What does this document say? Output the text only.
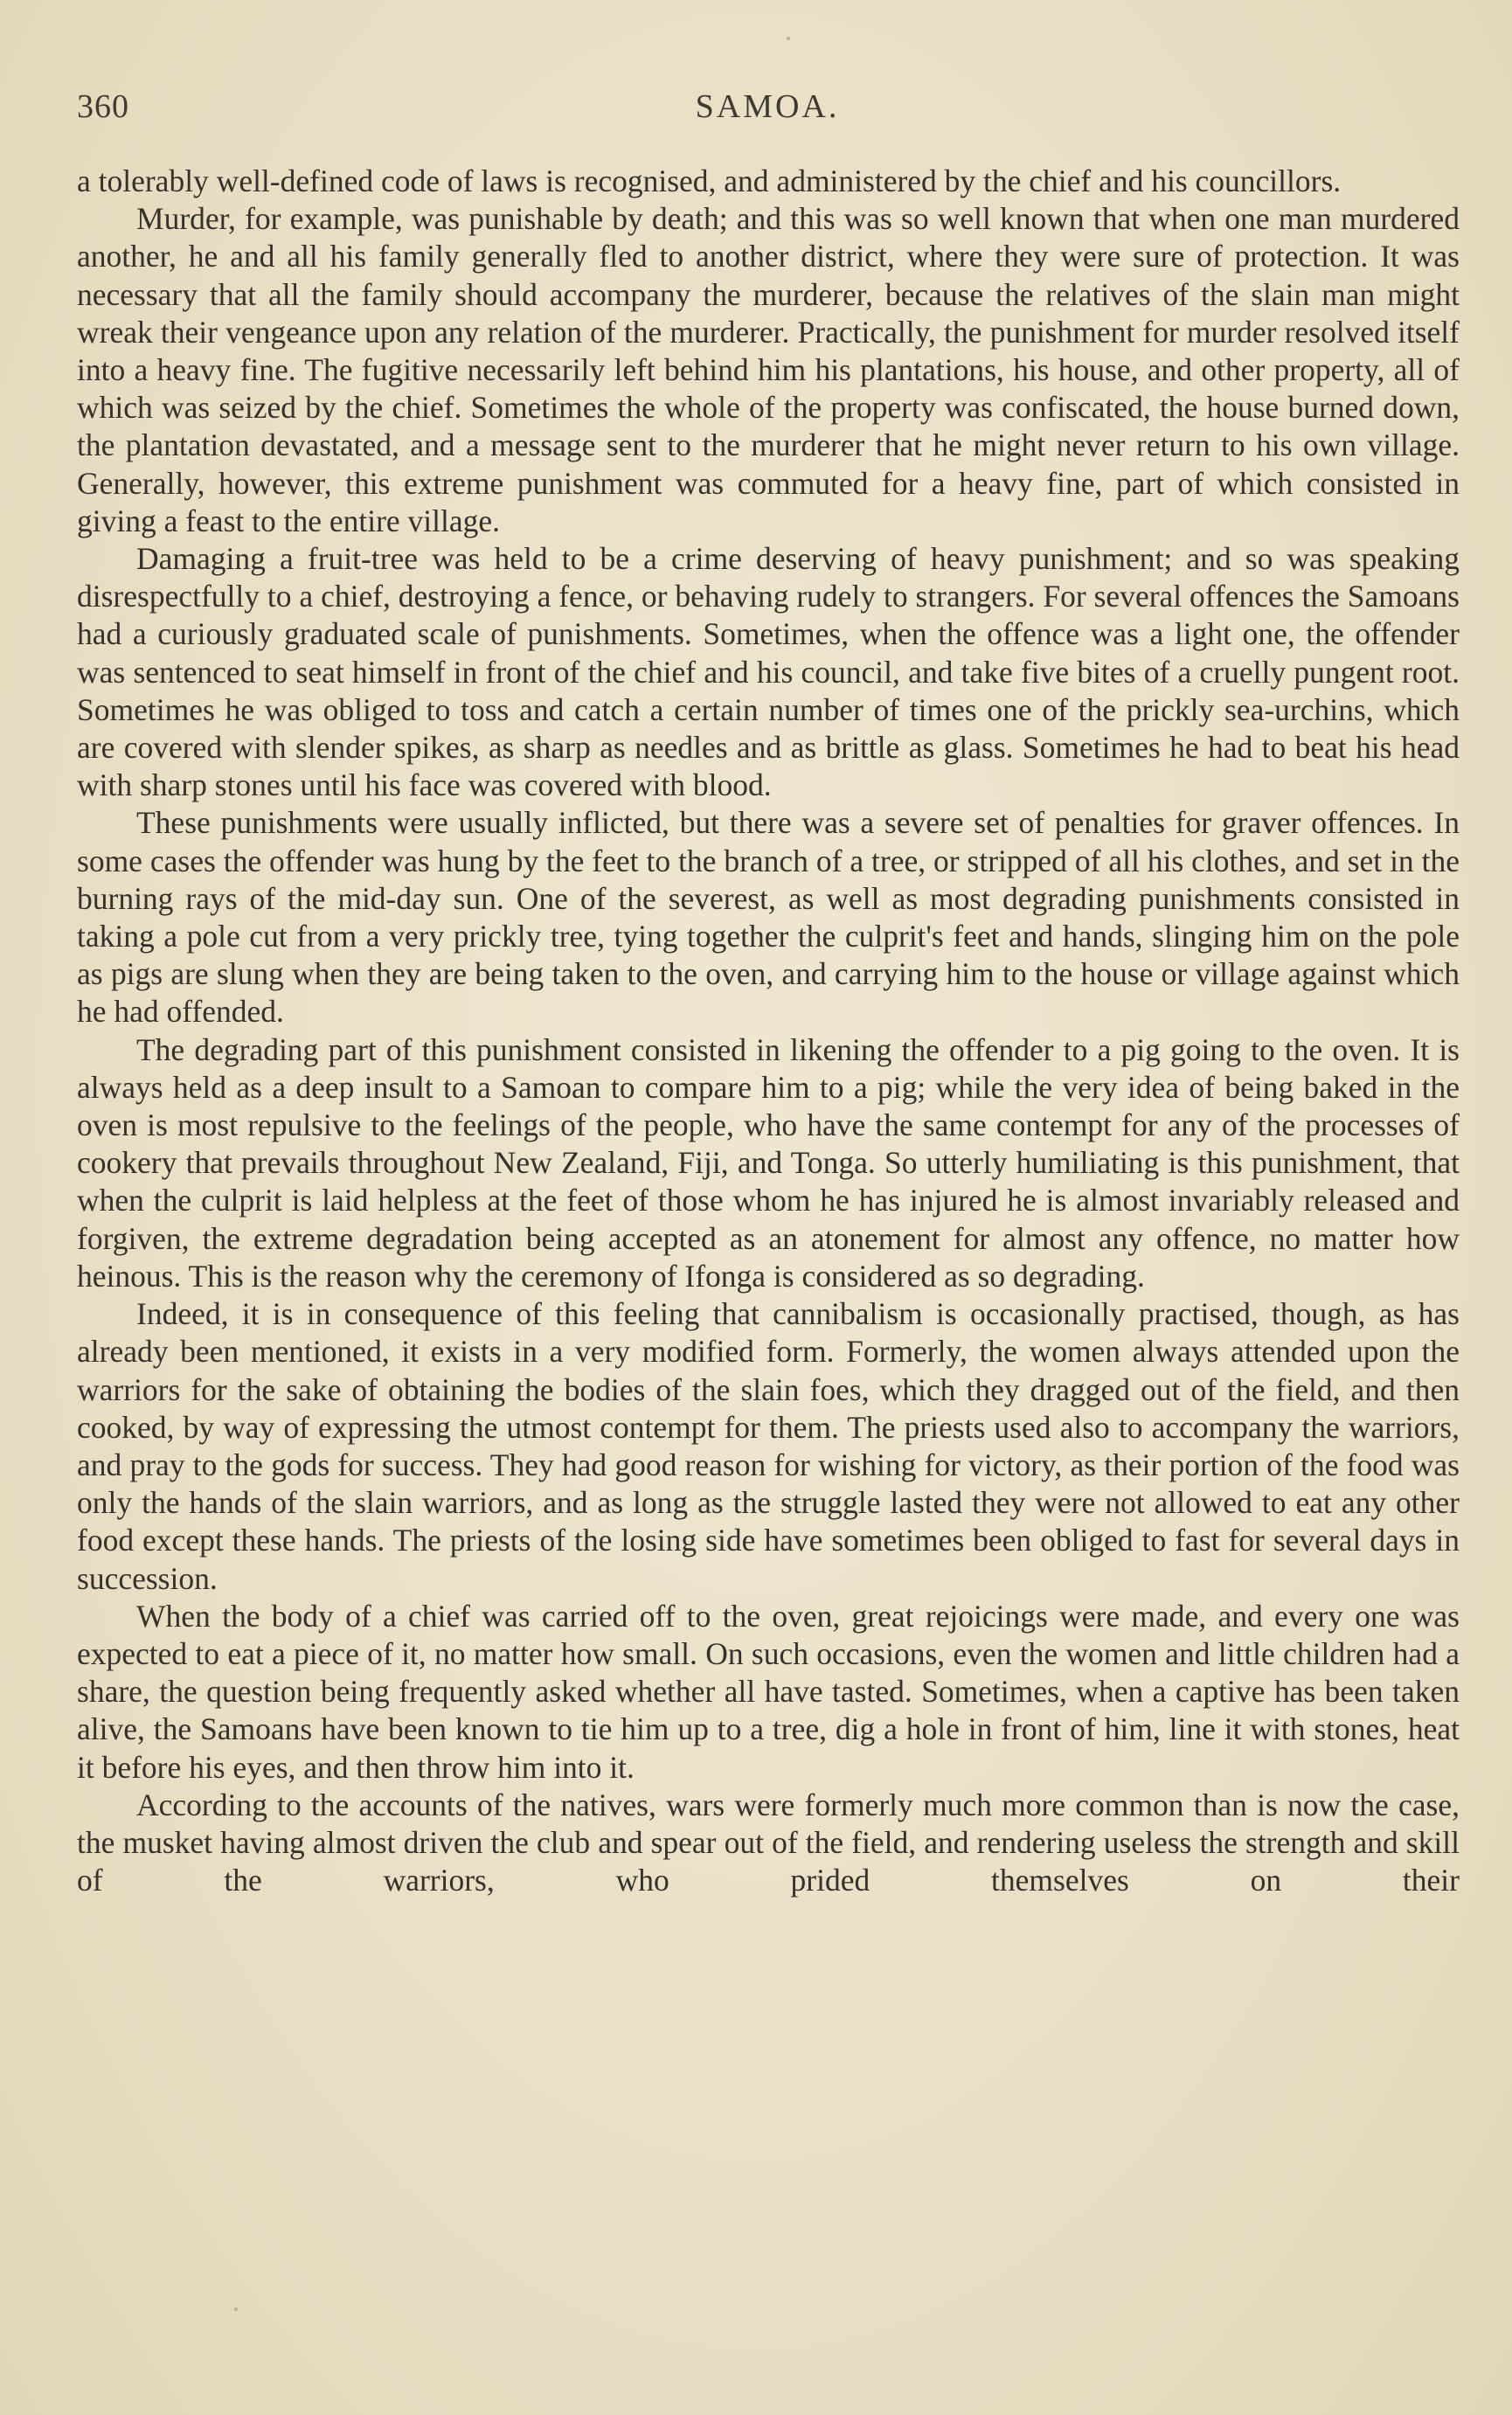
360	SAMOA.

a tolerably well-defined code of laws is recognised, and administered by the chief and his councillors.

Murder, for example, was punishable by death; and this was so well known that when one man murdered another, he and all his family generally fled to another district, where they were sure of protection. It was necessary that all the family should accompany the murderer, because the relatives of the slain man might wreak their vengeance upon any relation of the murderer. Practically, the punishment for murder resolved itself into a heavy fine. The fugitive necessarily left behind him his plantations, his house, and other property, all of which was seized by the chief. Sometimes the whole of the property was confiscated, the house burned down, the plantation devastated, and a message sent to the murderer that he might never return to his own village. Generally, however, this extreme punishment was commuted for a heavy fine, part of which consisted in giving a feast to the entire village.

Damaging a fruit-tree was held to be a crime deserving of heavy punishment; and so was speaking disrespectfully to a chief, destroying a fence, or behaving rudely to strangers. For several offences the Samoans had a curiously graduated scale of punishments. Sometimes, when the offence was a light one, the offender was sentenced to seat himself in front of the chief and his council, and take five bites of a cruelly pungent root. Sometimes he was obliged to toss and catch a certain number of times one of the prickly sea-urchins, which are covered with slender spikes, as sharp as needles and as brittle as glass. Sometimes he had to beat his head with sharp stones until his face was covered with blood.

These punishments were usually inflicted, but there was a severe set of penalties for graver offences. In some cases the offender was hung by the feet to the branch of a tree, or stripped of all his clothes, and set in the burning rays of the mid-day sun. One of the severest, as well as most degrading punishments consisted in taking a pole cut from a very prickly tree, tying together the culprit's feet and hands, slinging him on the pole as pigs are slung when they are being taken to the oven, and carrying him to the house or village against which he had offended.

The degrading part of this punishment consisted in likening the offender to a pig going to the oven. It is always held as a deep insult to a Samoan to compare him to a pig; while the very idea of being baked in the oven is most repulsive to the feelings of the people, who have the same contempt for any of the processes of cookery that prevails throughout New Zealand, Fiji, and Tonga. So utterly humiliating is this punishment, that when the culprit is laid helpless at the feet of those whom he has injured he is almost invariably released and forgiven, the extreme degradation being accepted as an atonement for almost any offence, no matter how heinous. This is the reason why the ceremony of Ifonga is considered as so degrading.

Indeed, it is in consequence of this feeling that cannibalism is occasionally practised, though, as has already been mentioned, it exists in a very modified form. Formerly, the women always attended upon the warriors for the sake of obtaining the bodies of the slain foes, which they dragged out of the field, and then cooked, by way of expressing the utmost contempt for them. The priests used also to accompany the warriors, and pray to the gods for success. They had good reason for wishing for victory, as their portion of the food was only the hands of the slain warriors, and as long as the struggle lasted they were not allowed to eat any other food except these hands. The priests of the losing side have sometimes been obliged to fast for several days in succession.

When the body of a chief was carried off to the oven, great rejoicings were made, and every one was expected to eat a piece of it, no matter how small. On such occasions, even the women and little children had a share, the question being frequently asked whether all have tasted. Sometimes, when a captive has been taken alive, the Samoans have been known to tie him up to a tree, dig a hole in front of him, line it with stones, heat it before his eyes, and then throw him into it.

According to the accounts of the natives, wars were formerly much more common than is now the case, the musket having almost driven the club and spear out of the field, and rendering useless the strength and skill of the warriors, who prided themselves on their
